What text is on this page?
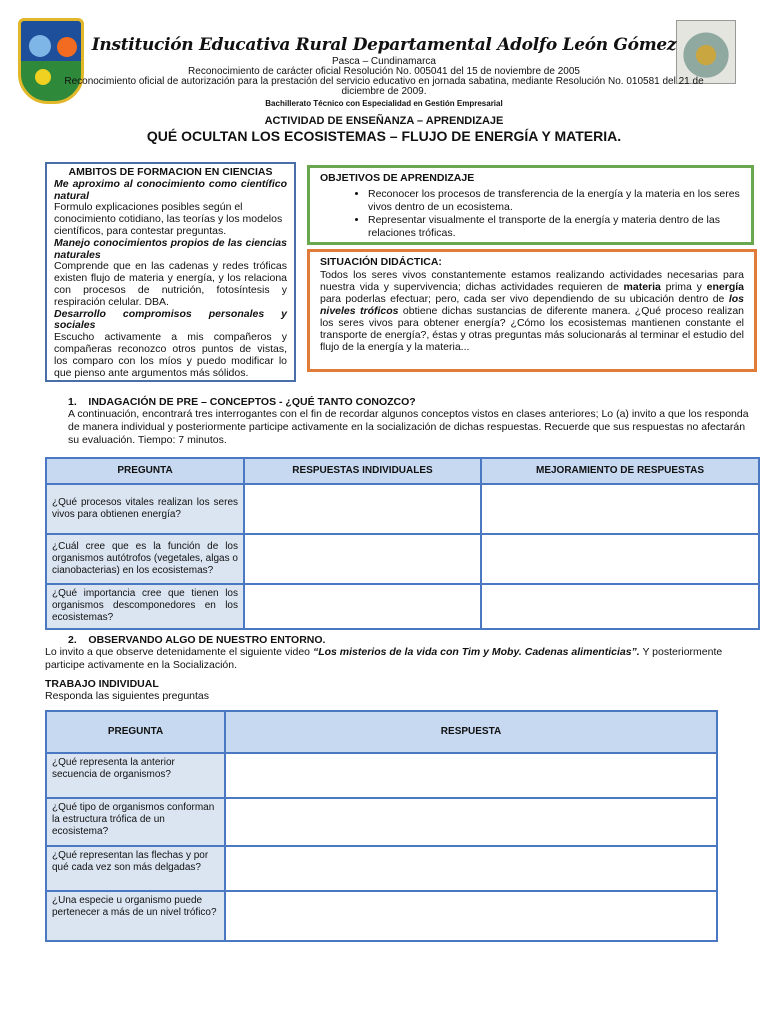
Institución Educativa Rural Departamental Adolfo León Gómez
Pasca – Cundinamarca
Reconocimiento de carácter oficial Resolución No. 005041 del 15 de noviembre de 2005
Reconocimiento oficial de autorización para la prestación del servicio educativo en jornada sabatina, mediante Resolución No. 010581 del 21 de diciembre de 2009.
Bachillerato Técnico con Especialidad en Gestión Empresarial
ACTIVIDAD DE ENSEÑANZA – APRENDIZAJE
QUÉ OCULTAN LOS ECOSISTEMAS – FLUJO DE ENERGÍA Y MATERIA.
AMBITOS DE FORMACION EN CIENCIAS
Me aproximo al conocimiento como científico natural
Formulo explicaciones posibles según el conocimiento cotidiano, las teorías y los modelos científicos, para contestar preguntas.
Manejo conocimientos propios de las ciencias naturales
Comprende que en las cadenas y redes tróficas existen flujo de materia y energía, y los relaciona con procesos de nutrición, fotosíntesis y respiración celular. DBA.
Desarrollo compromisos personales y sociales
Escucho activamente a mis compañeros y compañeras reconozco otros puntos de vistas, los comparo con los míos y puedo modificar lo que pienso ante argumentos más sólidos.
OBJETIVOS DE APRENDIZAJE
• Reconocer los procesos de transferencia de la energía y la materia en los seres vivos dentro de un ecosistema.
• Representar visualmente el transporte de la energía y materia dentro de las relaciones tróficas.
SITUACIÓN DIDÁCTICA:
Todos los seres vivos constantemente estamos realizando actividades necesarias para nuestra vida y supervivencia; dichas actividades requieren de materia prima y energía para poderlas efectuar; pero, cada ser vivo dependiendo de su ubicación dentro de los niveles tróficos obtiene dichas sustancias de diferente manera. ¿Qué proceso realizan los seres vivos para obtener energía? ¿Cómo los ecosistemas mantienen constante el transporte de energía?, éstas y otras preguntas más solucionarás al terminar el estudio del flujo de la energía y la materia...
1.    INDAGACIÓN DE PRE – CONCEPTOS - ¿QUÉ TANTO CONOZCO?
A continuación, encontrará tres interrogantes con el fin de recordar algunos conceptos vistos en clases anteriores; Lo (a) invito a que los responda de manera individual y posteriormente participe activamente en la socialización de dichas respuestas. Recuerde que sus respuestas no afectarán su evaluación. Tiempo: 7 minutos.
PREGUNTA	RESPUESTAS INDIVIDUALES	MEJORAMIENTO DE RESPUESTAS
¿Qué procesos vitales realizan los seres vivos para obtienen energía?		
¿Cuál cree que es la función de los organismos autótrofos (vegetales, algas o cianobacterias) en los ecosistemas?		
¿Qué importancia cree que tienen los organismos descomponedores en los ecosistemas?		
2.    OBSERVANDO ALGO DE NUESTRO ENTORNO.
Lo invito a que observe detenidamente el siguiente video “Los misterios de la vida con Tim y Moby. Cadenas alimenticias”. Y posteriormente participe activamente en la Socialización.
TRABAJO INDIVIDUAL
Responda las siguientes preguntas
PREGUNTA	RESPUESTA
¿Qué representa la anterior secuencia de organismos?	
¿Qué tipo de organismos conforman la estructura trófica de un ecosistema?	
¿Qué representan las flechas y por qué cada vez son más delgadas?	
¿Una especie u organismo puede pertenecer a más de un nivel trófico?	
